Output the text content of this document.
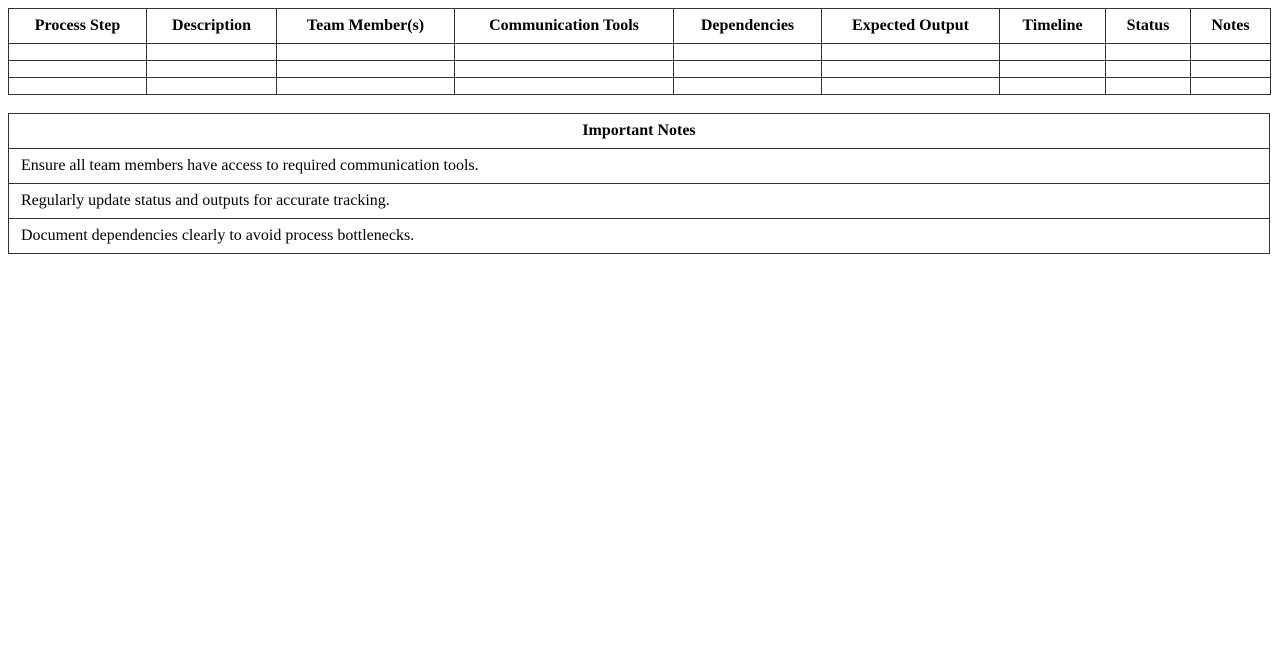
Process Step	Description	Team Member(s)	Communication Tools	Dependencies	Expected Output	Timeline	Status	Notes

Important Notes
Ensure all team members have access to required communication tools.
Regularly update status and outputs for accurate tracking.
Document dependencies clearly to avoid process bottlenecks.
